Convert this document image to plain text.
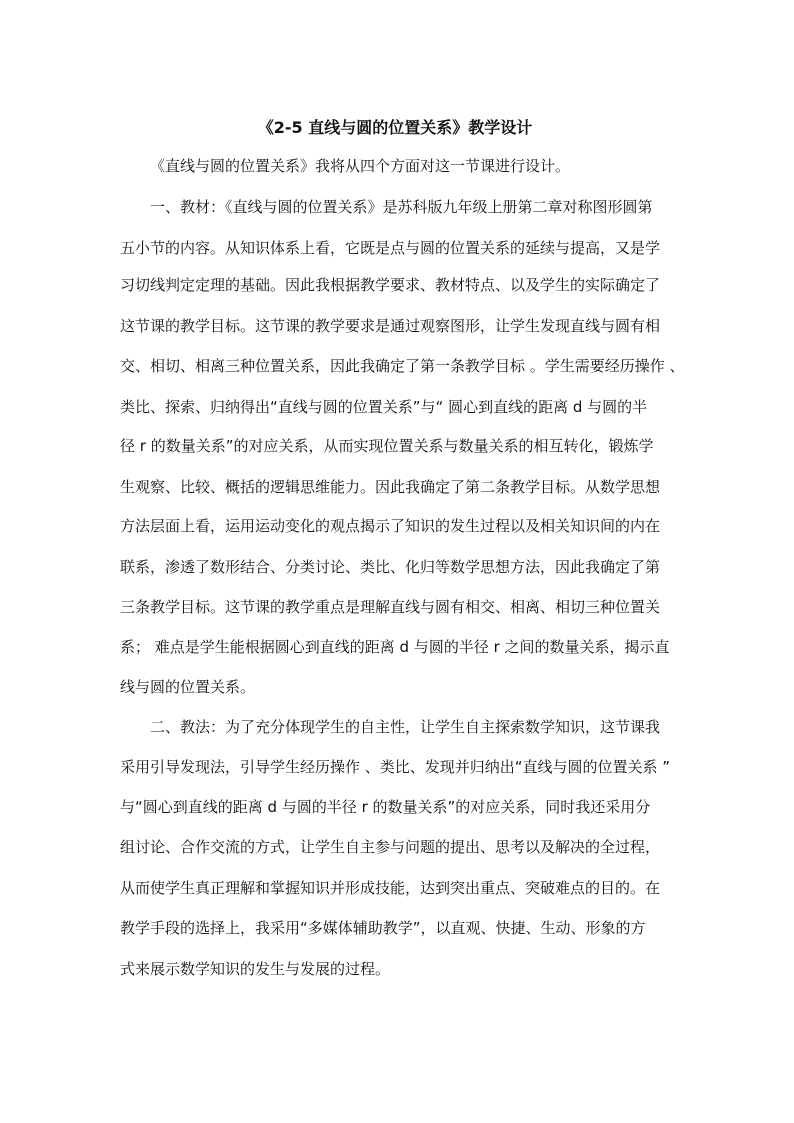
《2-5 直线与圆的位置关系》教学设计
《直线与圆的位置关系》我将从四个方面对这一节课进行设计。
一、教材：《直线与圆的位置关系》是苏科版九年级上册第二章对称图形圆第
五小节的内容。从知识体系上看，它既是点与圆的位置关系的延续与提高，又是学
习切线判定定理的基础。因此我根据教学要求、教材特点、以及学生的实际确定了
这节课的教学目标。这节课的教学要求是通过观察图形，让学生发现直线与圆有相
交、相切、相离三种位置关系，因此我确定了第一条教学目标 。学生需要经历操作 、
类比、探索、归纳得出“直线与圆的位置关系”与“ 圆心到直线的距离 d 与圆的半
径 r 的数量关系”的对应关系，从而实现位置关系与数量关系的相互转化，锻炼学
生观察、比较、概括的逻辑思维能力。因此我确定了第二条教学目标。从数学思想
方法层面上看，运用运动变化的观点揭示了知识的发生过程以及相关知识间的内在
联系，渗透了数形结合、分类讨论、类比、化归等数学思想方法，因此我确定了第
三条教学目标。这节课的教学重点是理解直线与圆有相交、相离、相切三种位置关
系； 难点是学生能根据圆心到直线的距离 d 与圆的半径 r 之间的数量关系，揭示直
线与圆的位置关系。
二、教法：为了充分体现学生的自主性，让学生自主探索数学知识，这节课我
采用引导发现法，引导学生经历操作 、类比、发现并归纳出“直线与圆的位置关系 ”
与“圆心到直线的距离 d 与圆的半径 r 的数量关系”的对应关系，同时我还采用分
组讨论、合作交流的方式，让学生自主参与问题的提出、思考以及解决的全过程，
从而使学生真正理解和掌握知识并形成技能，达到突出重点、突破难点的目的。在
教学手段的选择上，我采用“多媒体辅助教学”，以直观、快捷、生动、形象的方
式来展示数学知识的发生与发展的过程。
